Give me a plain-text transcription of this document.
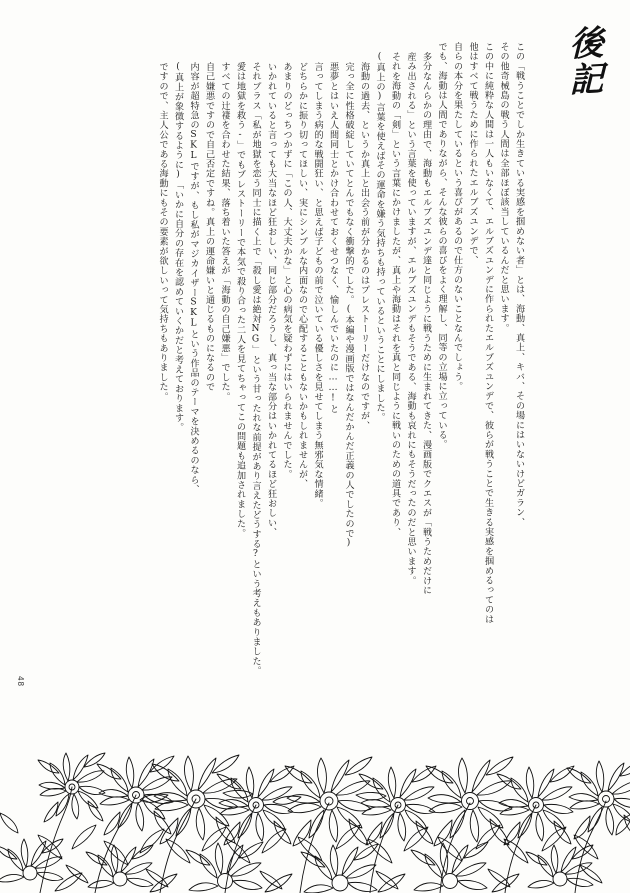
後記
この「戦うことでしか生きている実感を掴めない者」とは、海動、真上、キバ、その場にはいないけどガラン、
その他奇械島の戦う人間は全部ほぼ該当しているんだと思います。
この中に純粋な人間は一人もいなくて、エルブズユンデに作られたエルブズユンデで、彼らが戦うことで生きる実感を掴めるってのは
他はすべて戦うために作られたエルブズユンデで、
自らの本分を果たしているという喜びがあるので仕方のないことなんでしょう。
でも、海動は人間でありながら、そんな彼らの喜びをよく理解し、同等の立場に立っている。
多分なんらかの理由で、海動もエルブズユンデ達と同じように戦うために生まれてきた、漫画版でクエスが「戦うためだけに
産み出される」という言葉を使っていますが、エルブズユンデもそうである、海動も哀れにもそうだったのだと思います。
それを海動の「剣」という言葉にかけましたが、真上や海動はそれを真と同じように戦いのための道具であり、
(真上の)言葉を使えばその運命を嫌う気持ちも持っているということにしました。
海動の過去、というか真上と出会う前が分かるのはプレストーリーだけなのですが、
完っ全に性格破綻していてとんでもなく衝撃的でした。(本編や漫画版ではなんだかんだ正義の人でしたので)
悪夢とはいえ人間同士とかけ合わせておくせつなく、愉しんでいたのに……!と
言ってしまう病的な戦闘狂い、と思えば子どもの前で泣いている優しさを見せてしまう無邪気な情緒。
どちらかに振り切ってほしい、実にシンプルな内面なので心配することもないかもしれませんが、
あまりのどっちつかずに「この人、大丈夫かな」と心の病気を疑わずにはいられませんでした。
いかれていると言っても大当なほど狂おしい、同じ部分だろうし、真っ当な部分はいかれてるほど狂おしい、
それプラス「私が地獄を恋う同士に描く上で「殺し愛は絶対NG」という甘ったれな前提があり言えたどうする?という考えもありました。
愛は地獄を救う-」でもブレストーリーで本気で殺り合った二人を見てちゃってこの問題も追加されました。
すべての辻褄を合わせた結果、落ち着いた答えが「海動の自己嫌悪」でした。
自己嫌悪ですので自己否定ですね。真上の運命嫌いと通じるものになるので
内容が超特急のSKLですが、もし私がマジカイザーSKLという作品のテーマを決めるのなら、
(真上が象徴するように)「いかに自分の存在を認めていくかだと考えております。
ですので、主人公である海動にもその要素が欲しいって気持ちもありました。
48
